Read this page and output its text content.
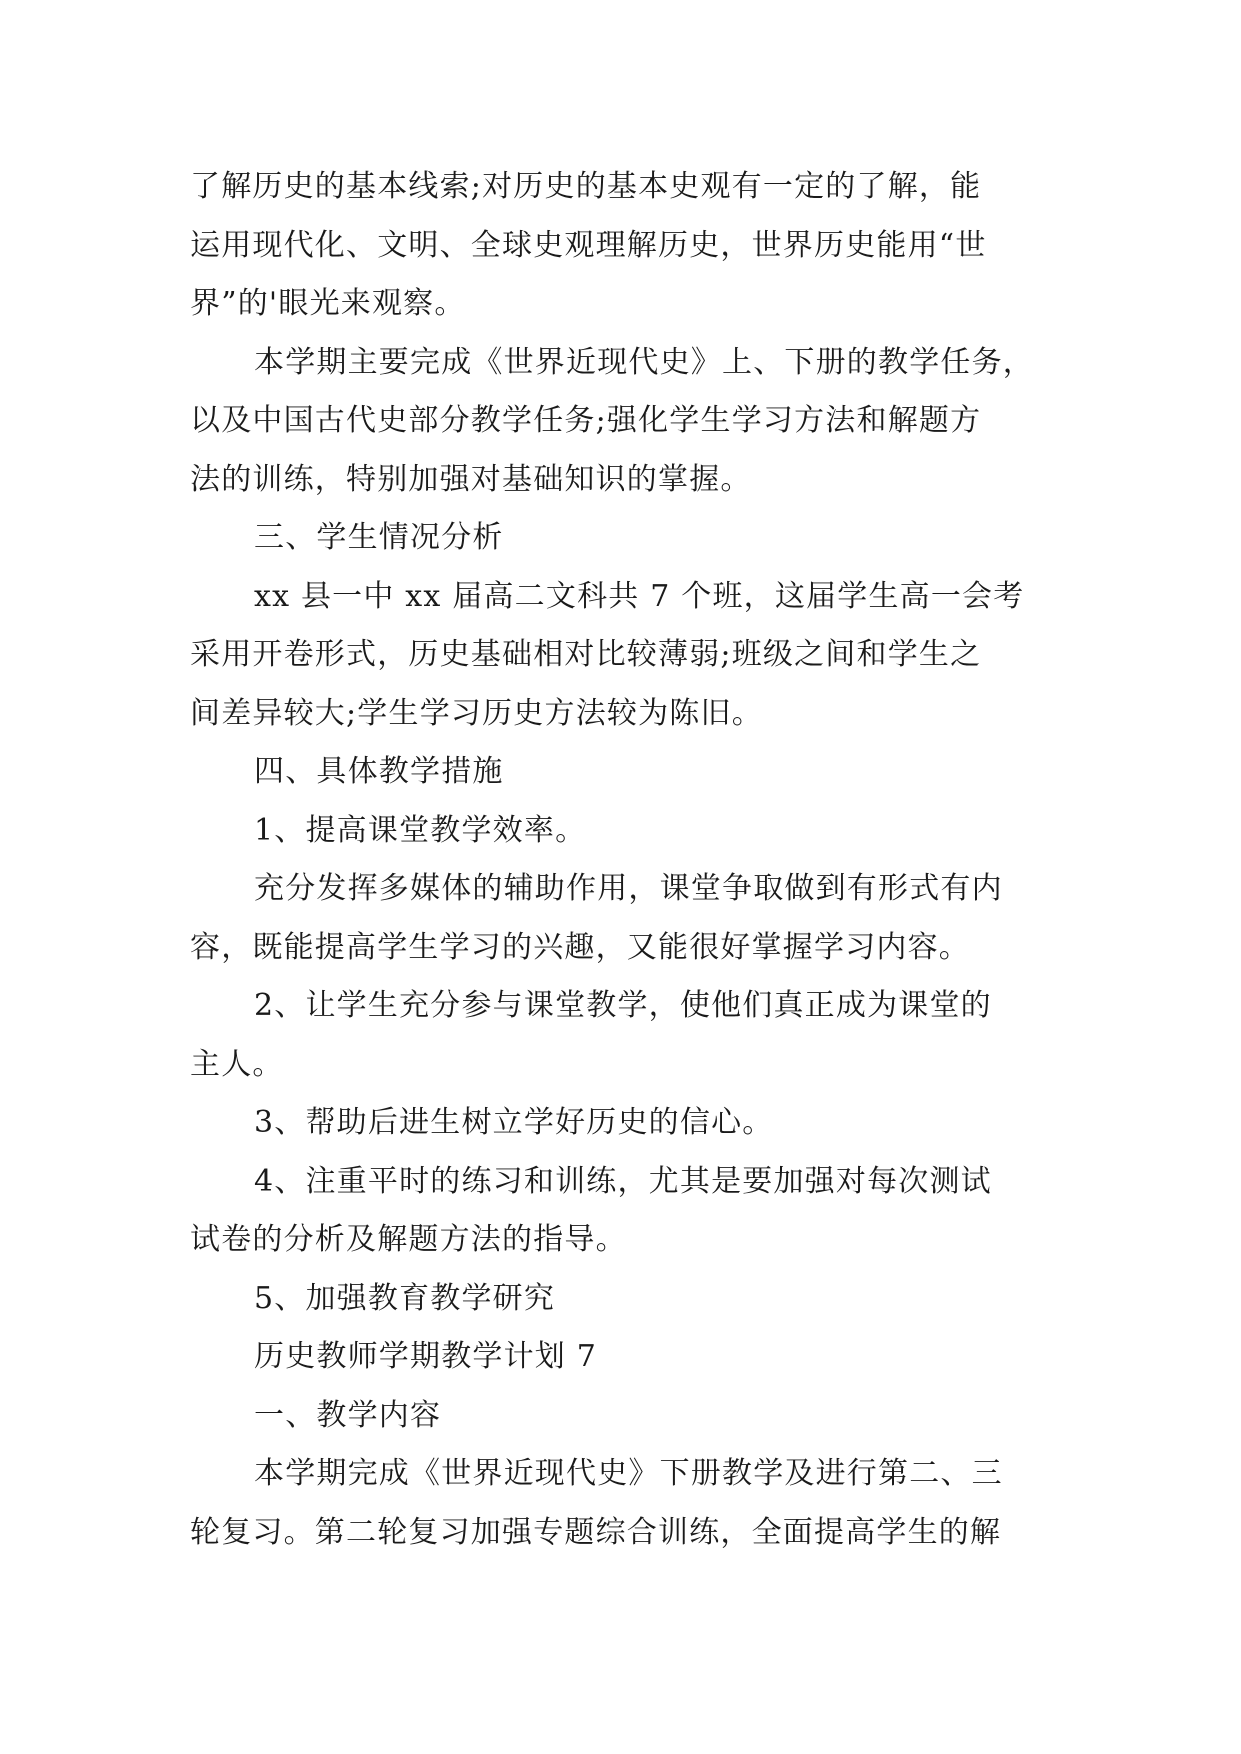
了解历史的基本线索;对历史的基本史观有一定的了解，能
运用现代化、文明、全球史观理解历史，世界历史能用“世
界”的'眼光来观察。

本学期主要完成《世界近现代史》上、下册的教学任务，
以及中国古代史部分教学任务;强化学生学习方法和解题方
法的训练，特别加强对基础知识的掌握。

三、学生情况分析

xx 县一中 xx 届高二文科共 7 个班，这届学生高一会考
采用开卷形式，历史基础相对比较薄弱;班级之间和学生之
间差异较大;学生学习历史方法较为陈旧。

四、具体教学措施

1、提高课堂教学效率。

充分发挥多媒体的辅助作用，课堂争取做到有形式有内
容，既能提高学生学习的兴趣，又能很好掌握学习内容。

2、让学生充分参与课堂教学，使他们真正成为课堂的
主人。

3、帮助后进生树立学好历史的信心。

4、注重平时的练习和训练，尤其是要加强对每次测试
试卷的分析及解题方法的指导。

5、加强教育教学研究

历史教师学期教学计划 7

一、教学内容

本学期完成《世界近现代史》下册教学及进行第二、三
轮复习。第二轮复习加强专题综合训练，全面提高学生的解
